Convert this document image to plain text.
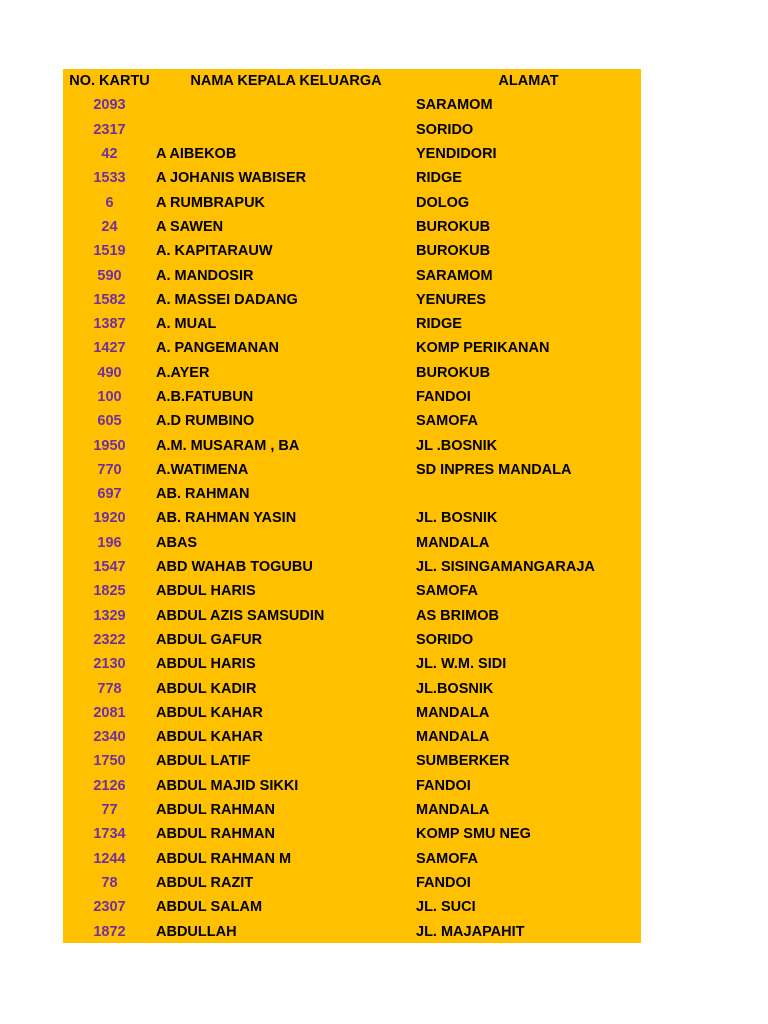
NO. KARTU	NAMA KEPALA KELUARGA	ALAMAT
2093		SARAMOM
2317		SORIDO
42	A AIBEKOB	YENDIDORI
1533	A JOHANIS WABISER	RIDGE
6	A RUMBRAPUK	DOLOG
24	A SAWEN	BUROKUB
1519	A. KAPITARAUW	BUROKUB
590	A. MANDOSIR	SARAMOM
1582	A. MASSEI DADANG	YENURES
1387	A. MUAL	RIDGE
1427	A. PANGEMANAN	KOMP PERIKANAN
490	A.AYER	BUROKUB
100	A.B.FATUBUN	FANDOI
605	A.D RUMBINO	SAMOFA
1950	A.M. MUSARAM , BA	JL .BOSNIK
770	A.WATIMENA	SD INPRES MANDALA
697	AB. RAHMAN	
1920	AB. RAHMAN YASIN	JL. BOSNIK
196	ABAS	MANDALA
1547	ABD WAHAB TOGUBU	JL. SISINGAMANGARAJA
1825	ABDUL HARIS	SAMOFA
1329	ABDUL AZIS SAMSUDIN	AS BRIMOB
2322	ABDUL GAFUR	SORIDO
2130	ABDUL HARIS	JL. W.M. SIDI
778	ABDUL KADIR	JL.BOSNIK
2081	ABDUL KAHAR	MANDALA
2340	ABDUL KAHAR	MANDALA
1750	ABDUL LATIF	SUMBERKER
2126	ABDUL MAJID SIKKI	FANDOI
77	ABDUL RAHMAN	MANDALA
1734	ABDUL RAHMAN	KOMP SMU NEG
1244	ABDUL RAHMAN M	SAMOFA
78	ABDUL RAZIT	FANDOI
2307	ABDUL SALAM	JL. SUCI
1872	ABDULLAH	JL. MAJAPAHIT
